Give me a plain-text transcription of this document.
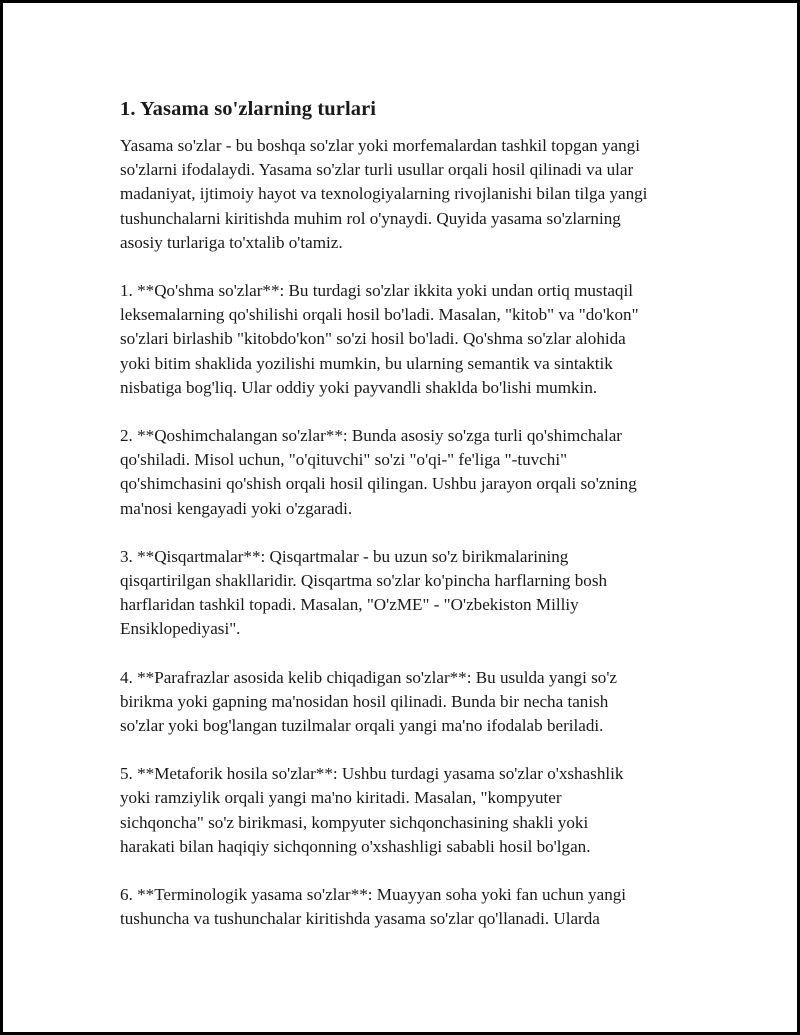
1. Yasama so'zlarning turlari

Yasama so'zlar - bu boshqa so'zlar yoki morfemalardan tashkil topgan yangi
so'zlarni ifodalaydi. Yasama so'zlar turli usullar orqali hosil qilinadi va ular
madaniyat, ijtimoiy hayot va texnologiyalarning rivojlanishi bilan tilga yangi
tushunchalarni kiritishda muhim rol o'ynaydi. Quyida yasama so'zlarning
asosiy turlariga to'xtalib o'tamiz.

1. **Qo'shma so'zlar**: Bu turdagi so'zlar ikkita yoki undan ortiq mustaqil
leksemalarning qo'shilishi orqali hosil bo'ladi. Masalan, "kitob" va "do'kon"
so'zlari birlashib "kitobdo'kon" so'zi hosil bo'ladi. Qo'shma so'zlar alohida
yoki bitim shaklida yozilishi mumkin, bu ularning semantik va sintaktik
nisbatiga bog'liq. Ular oddiy yoki payvandli shaklda bo'lishi mumkin.

2. **Qoshimchalangan so'zlar**: Bunda asosiy so'zga turli qo'shimchalar
qo'shiladi. Misol uchun, "o'qituvchi" so'zi "o'qi-" fe'liga "-tuvchi"
qo'shimchasini qo'shish orqali hosil qilingan. Ushbu jarayon orqali so'zning
ma'nosi kengayadi yoki o'zgaradi.

3. **Qisqartmalar**: Qisqartmalar - bu uzun so'z birikmalarining
qisqartirilgan shakllaridir. Qisqartma so'zlar ko'pincha harflarning bosh
harflaridan tashkil topadi. Masalan, "O'zME" - "O'zbekiston Milliy
Ensiklopediyasi".

4. **Parafrazlar asosida kelib chiqadigan so'zlar**: Bu usulda yangi so'z
birikma yoki gapning ma'nosidan hosil qilinadi. Bunda bir necha tanish
so'zlar yoki bog'langan tuzilmalar orqali yangi ma'no ifodalab beriladi.

5. **Metaforik hosila so'zlar**: Ushbu turdagi yasama so'zlar o'xshashlik
yoki ramziylik orqali yangi ma'no kiritadi. Masalan, "kompyuter
sichqoncha" so'z birikmasi, kompyuter sichqonchasining shakli yoki
harakati bilan haqiqiy sichqonning o'xshashligi sababli hosil bo'lgan.

6. **Terminologik yasama so'zlar**: Muayyan soha yoki fan uchun yangi
tushuncha va tushunchalar kiritishda yasama so'zlar qo'llanadi. Ularda
